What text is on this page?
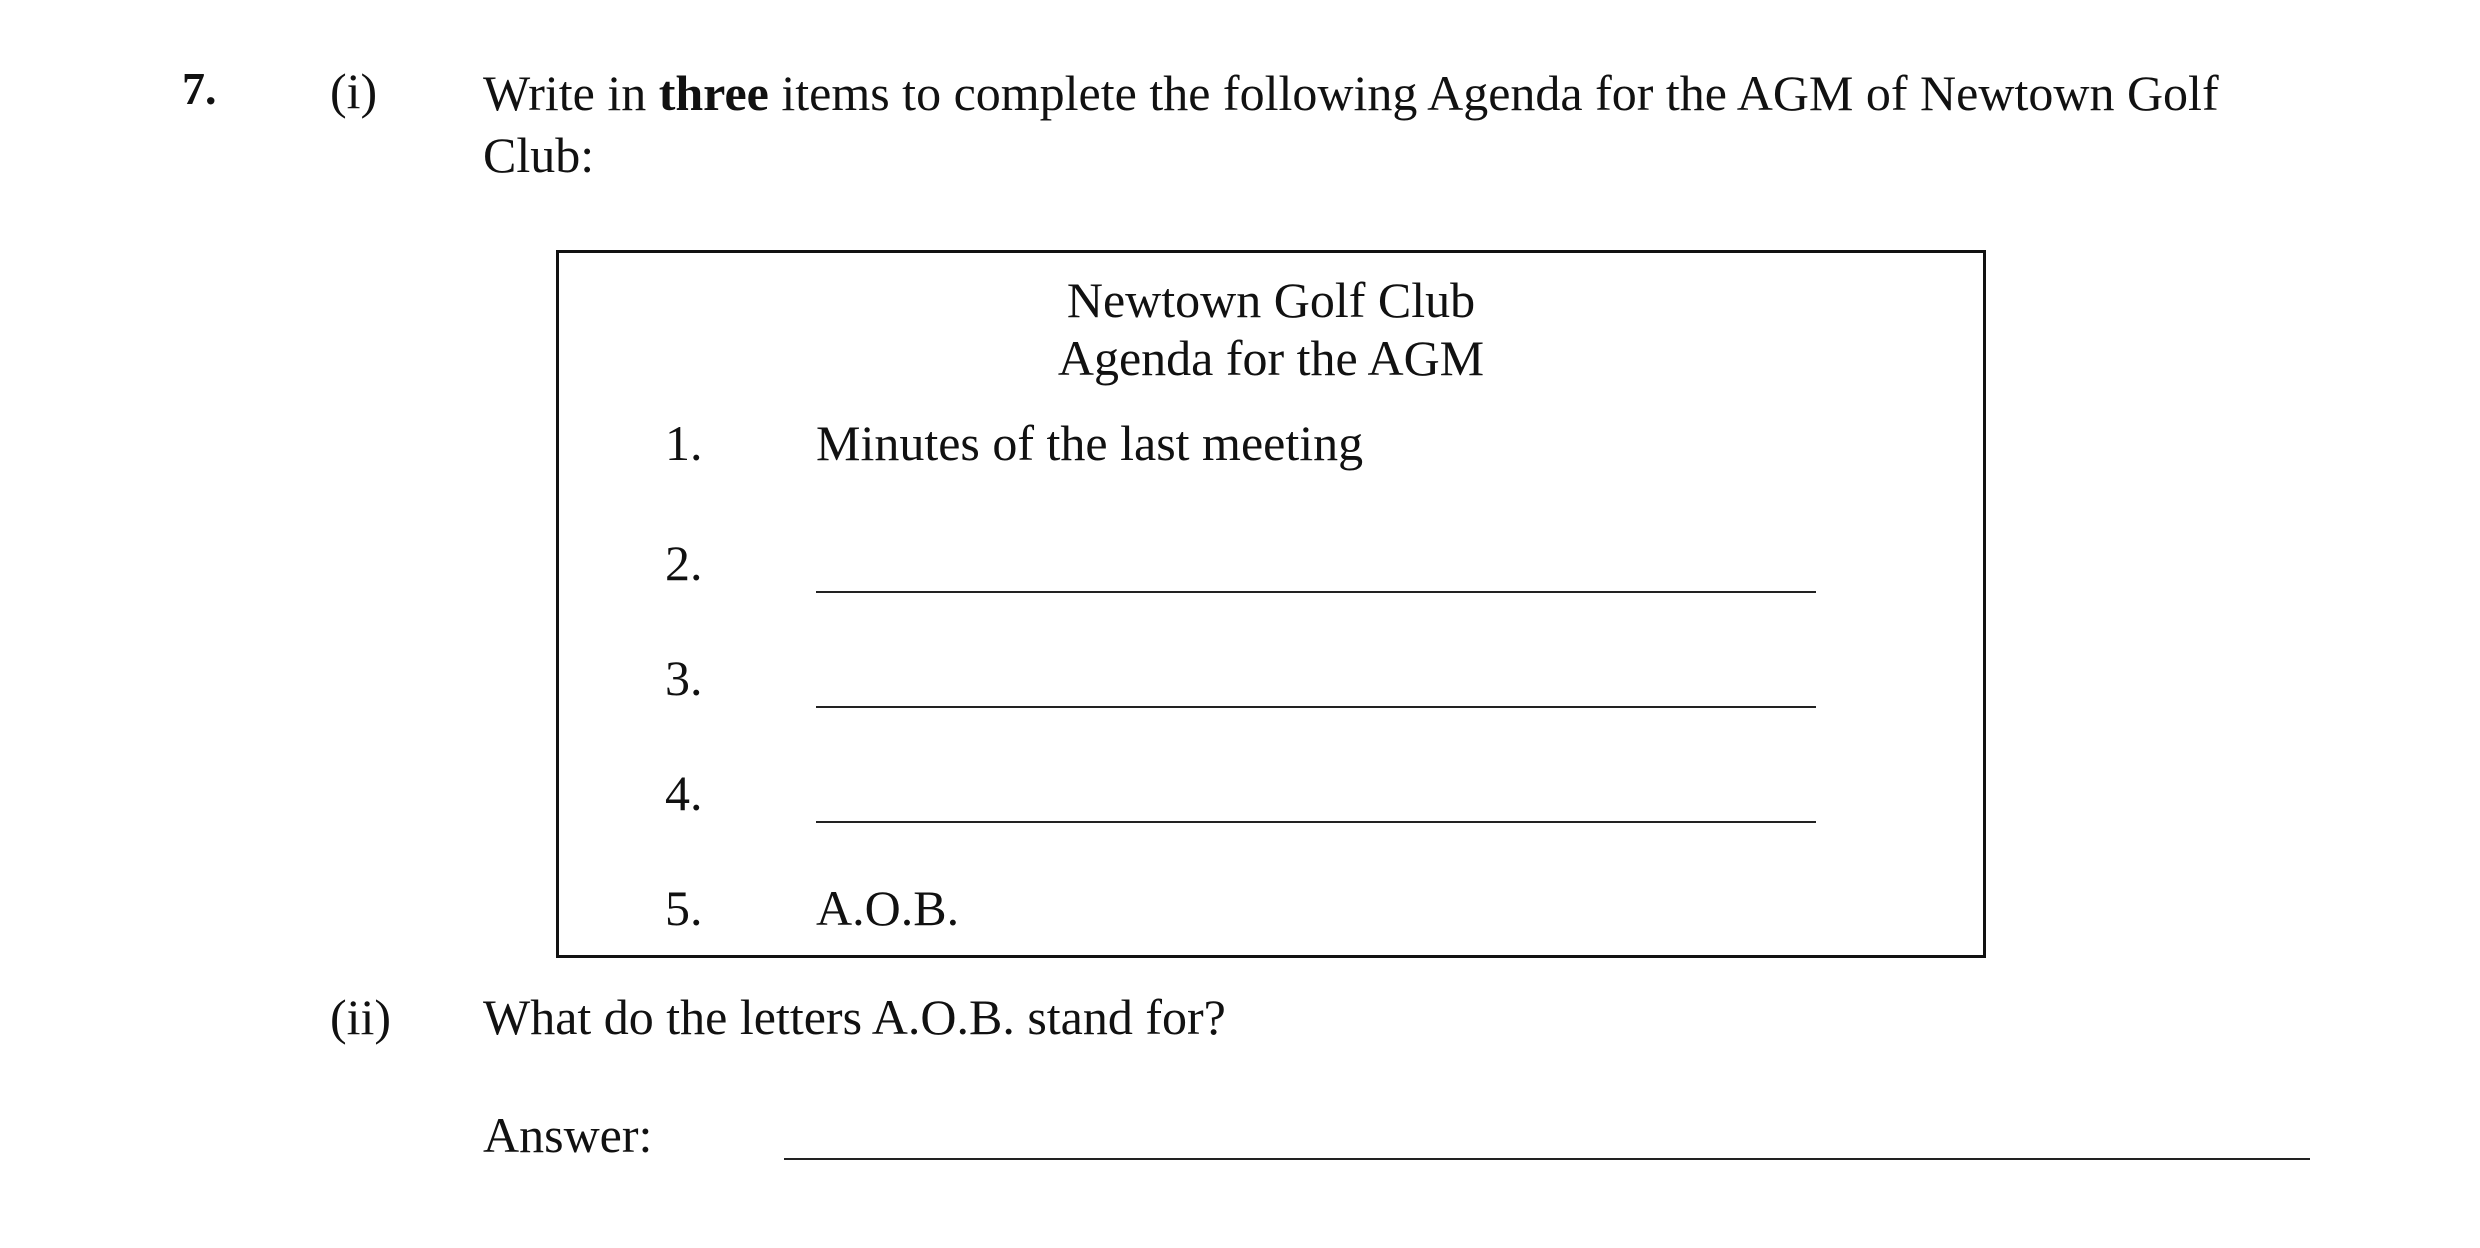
7. (i) Write in three items to complete the following Agenda for the AGM of Newtown Golf Club:
Newtown Golf Club
Agenda for the AGM
1. Minutes of the last meeting
2.
3.
4.
5. A.O.B.
(ii) What do the letters A.O.B. stand for?
Answer:
